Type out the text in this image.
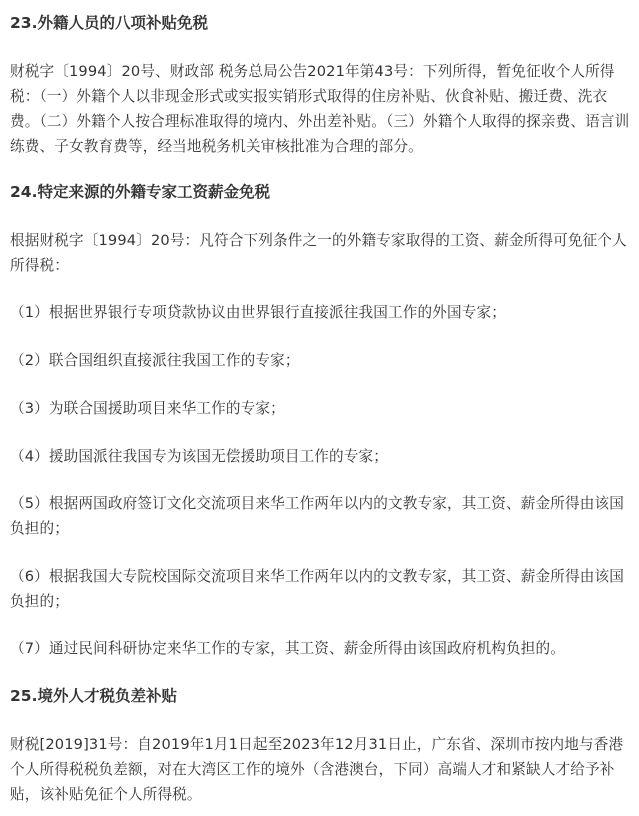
23.外籍人员的八项补贴免税

财税字〔1994〕20号、财政部 税务总局公告2021年第43号：下列所得，暂免征收个人所得税：（一）外籍个人以非现金形式或实报实销形式取得的住房补贴、伙食补贴、搬迁费、洗衣费。（二）外籍个人按合理标准取得的境内、外出差补贴。（三）外籍个人取得的探亲费、语言训练费、子女教育费等，经当地税务机关审核批准为合理的部分。

24.特定来源的外籍专家工资薪金免税

根据财税字〔1994〕20号：凡符合下列条件之一的外籍专家取得的工资、薪金所得可免征个人所得税：

（1）根据世界银行专项贷款协议由世界银行直接派往我国工作的外国专家；

（2）联合国组织直接派往我国工作的专家；

（3）为联合国援助项目来华工作的专家；

（4）援助国派往我国专为该国无偿援助项目工作的专家；

（5）根据两国政府签订文化交流项目来华工作两年以内的文教专家，其工资、薪金所得由该国负担的；

（6）根据我国大专院校国际交流项目来华工作两年以内的文教专家，其工资、薪金所得由该国负担的；

（7）通过民间科研协定来华工作的专家，其工资、薪金所得由该国政府机构负担的。

25.境外人才税负差补贴

财税[2019]31号：自2019年1月1日起至2023年12月31日止，广东省、深圳市按内地与香港个人所得税税负差额，对在大湾区工作的境外（含港澳台，下同）高端人才和紧缺人才给予补贴，该补贴免征个人所得税。
